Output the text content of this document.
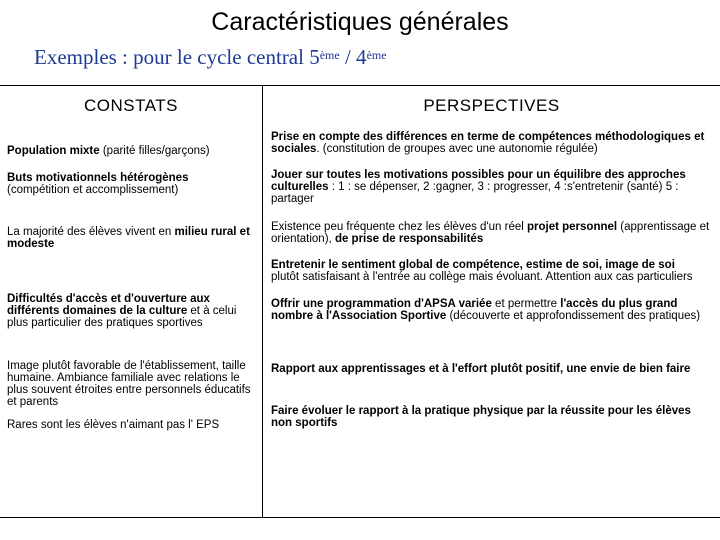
Caractéristiques générales
Exemples : pour le cycle central 5ème / 4ème
CONSTATS	PERSPECTIVES
Population mixte (parité filles/garçons)
Buts motivationnels hétérogènes
(compétition et accomplissement)
La majorité des élèves vivent en milieu rural et modeste
Difficultés d'accès et d'ouverture aux différents domaines de la culture et à celui plus particulier des pratiques sportives
Image plutôt favorable de l'établissement, taille humaine. Ambiance familiale avec relations le plus souvent étroites entre personnels éducatifs et parents
Rares sont les élèves n'aimant pas l' EPS
Prise en compte des différences en terme de compétences méthodologiques et sociales. (constitution de groupes avec une autonomie régulée)
Jouer sur toutes les motivations possibles pour un équilibre des approches culturelles : 1 : se dépenser, 2 :gagner, 3 : progresser, 4 :s'entretenir (santé) 5 : partager
Existence peu fréquente chez les élèves d'un réel projet personnel (apprentissage et orientation), de prise de responsabilités
Entretenir le sentiment global de compétence, estime de soi, image de soi
plutôt satisfaisant à l'entrée au collège mais évoluant. Attention aux cas particuliers
Offrir une programmation d'APSA variée et permettre l'accès du plus grand nombre à l'Association Sportive (découverte et approfondissement des pratiques)
Rapport aux apprentissages et à l'effort plutôt positif, une envie de bien faire
Faire évoluer le rapport à la pratique physique par la réussite pour les élèves non sportifs
